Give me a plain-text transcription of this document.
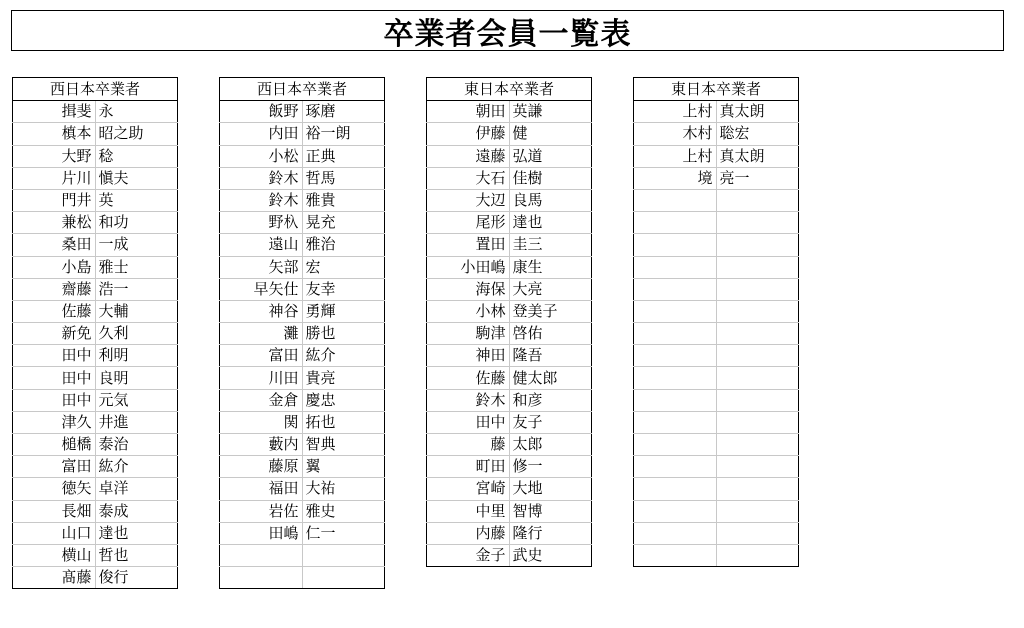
卒業者会員一覧表
西日本卒業者	
揖斐	永
槙本	昭之助
大野	稔
片川	愼夫
門井	英
兼松	和功
桑田	一成
小島	雅士
齋藤	浩一
佐藤	大輔
新免	久利
田中	利明
田中	良明
田中	元気
津久	井進
槌橋	泰治
富田	紘介
徳矢	卓洋
長畑	泰成
山口	達也
横山	哲也
髙藤	俊行
西日本卒業者	
飯野	琢磨
内田	裕一朗
小松	正典
鈴木	哲馬
鈴木	雅貴
野杁	晃充
遠山	雅治
矢部	宏
早矢仕	友幸
神谷	勇輝
灘	勝也
富田	紘介
川田	貴亮
金倉	慶忠
関	拓也
藪内	智典
藤原	翼
福田	大祐
岩佐	雅史
田嶋	仁一

東日本卒業者	
朝田	英謙
伊藤	健
遠藤	弘道
大石	佳樹
大辺	良馬
尾形	達也
置田	圭三
小田嶋	康生
海保	大亮
小林	登美子
駒津	啓佑
神田	隆吾
佐藤	健太郎
鈴木	和彦
田中	友子
藤	太郎
町田	修一
宮崎	大地
中里	智博
内藤	隆行
金子	武史
東日本卒業者	
上村	真太朗
木村	聡宏
上村	真太朗
境	亮一
